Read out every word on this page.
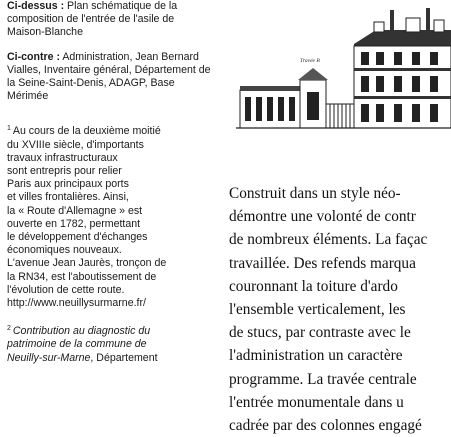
Ci-dessus : Plan schématique de la composition de l'entrée de l'asile de Maison-Blanche

Ci-contre : Administration, Jean Bernard Vialles, Inventaire général, Département de la Seine-Saint-Denis, ADAGP, Base Mérimée

$^1$ Au cours de la deuxième moitié
du XVIIIe siècle, d'importants
travaux infrastructuraux
sont entrepris pour relier
Paris aux principaux ports
et villes frontalières. Ainsi,
la « Route d'Allemagne » est
ouverte en 1782, permettant
le développement d'échanges
économiques nouveaux.
L'avenue Jean Jaurès, tronçon de
la RN34, est l'aboutissement de
l'évolution de cette route.
http://www.neuillysurmarne.fr/

$^2$ Contribution au diagnostic du
patrimoine de la commune de
Neuilly-sur-Marne, Département

Travée B
Construit dans un style néo-
démontre une volonté de contr
de nombreux éléments. La façac
travaillée. Des refends marqua
couronnant la toiture d'ardo
l'ensemble verticalement, les
de stucs, par contraste avec le
l'administration un caractère
programme. La travée centrale
l'entrée monumentale dans u
cadrée par des colonnes engagé
